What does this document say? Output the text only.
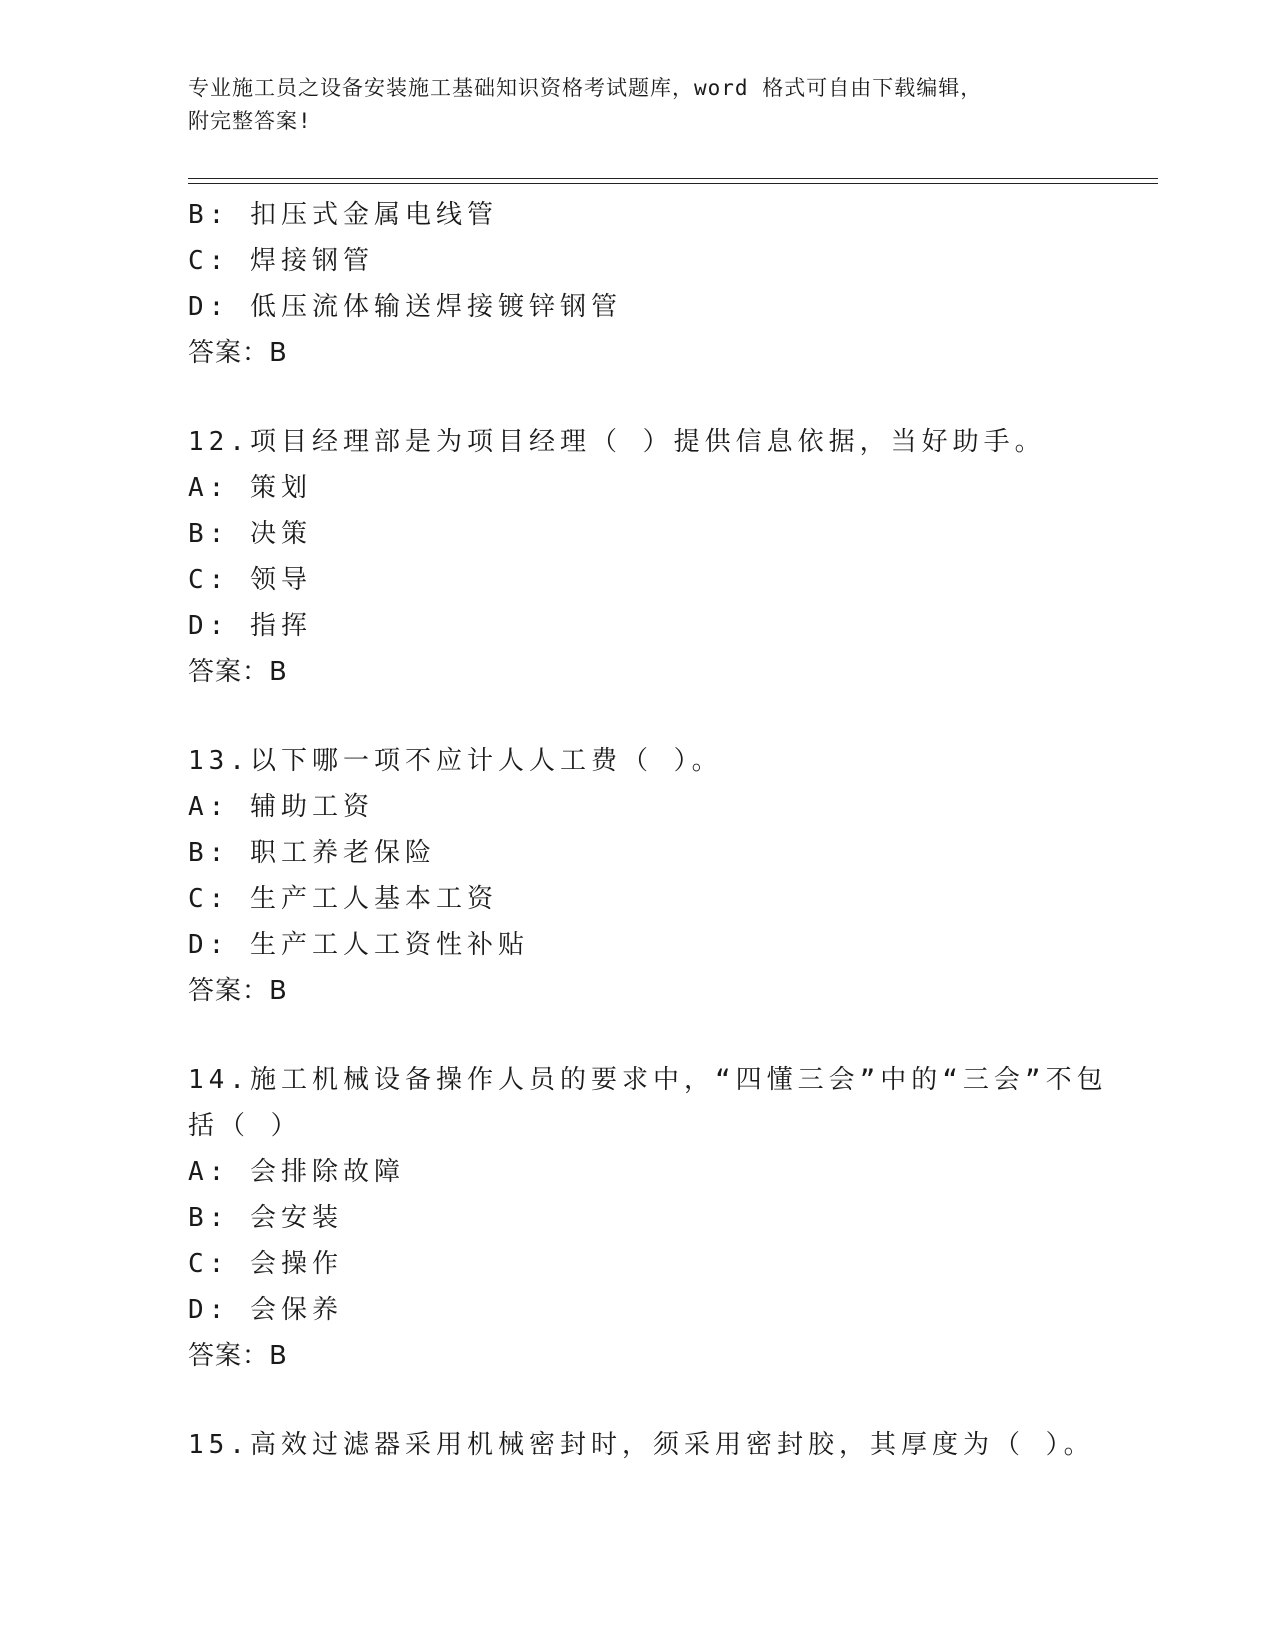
专业施工员之设备安装施工基础知识资格考试题库，word 格式可自由下载编辑，
附完整答案!
B: 扣压式金属电线管
C: 焊接钢管
D: 低压流体输送焊接镀锌钢管
答案：B
12.项目经理部是为项目经理（ ）提供信息依据，当好助手。
A: 策划
B: 决策
C: 领导
D: 指挥
答案：B
13.以下哪一项不应计人人工费（ ）。
A: 辅助工资
B: 职工养老保险
C: 生产工人基本工资
D: 生产工人工资性补贴
答案：B
14.施工机械设备操作人员的要求中，“四懂三会”中的“三会”不包
括（ ）
A: 会排除故障
B: 会安装
C: 会操作
D: 会保养
答案：B
15.高效过滤器采用机械密封时，须采用密封胶，其厚度为（ ）。
